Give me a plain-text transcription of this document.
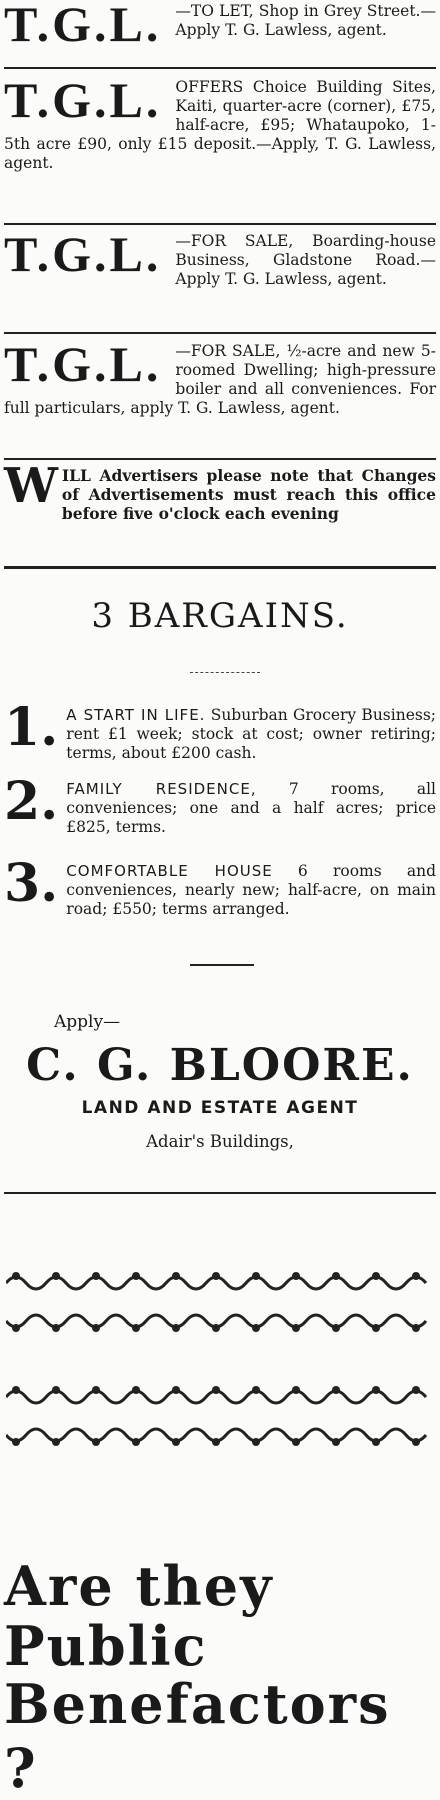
T.G.L. —TO LET, Shop in Grey Street.—Apply T. G. Lawless, agent.
T.G.L. OFFERS Choice Building Sites, Kaiti, quarter-acre (corner), £75, half-acre, £95; Whataupoko, 1-5th acre £90, only £15 deposit.—Apply, T. G. Lawless, agent.
T.G.L. —FOR SALE, Boarding-house Business, Gladstone Road.—Apply T. G. Lawless, agent.
T.G.L. —FOR SALE, ½-acre and new 5-roomed Dwelling; high-pressure boiler and all conveniences. For full particulars, apply T. G. Lawless, agent.
W ILL Advertisers please note that Changes of Advertisements must reach this office before five o'clock each evening
3 BARGAINS.
1. A START IN LIFE. Suburban Grocery Business; rent £1 week; stock at cost; owner retiring; terms, about £200 cash.
2. FAMILY RESIDENCE, 7 rooms, all conveniences; one and a half acres; price £825, terms.
3. COMFORTABLE HOUSE 6 rooms and conveniences, nearly new; half-acre, on main road; £550; terms arranged.
Apply—
C. G. BLOORE.
LAND AND ESTATE AGENT
Adair's Buildings,
Are they
Public
Benefactors ?
